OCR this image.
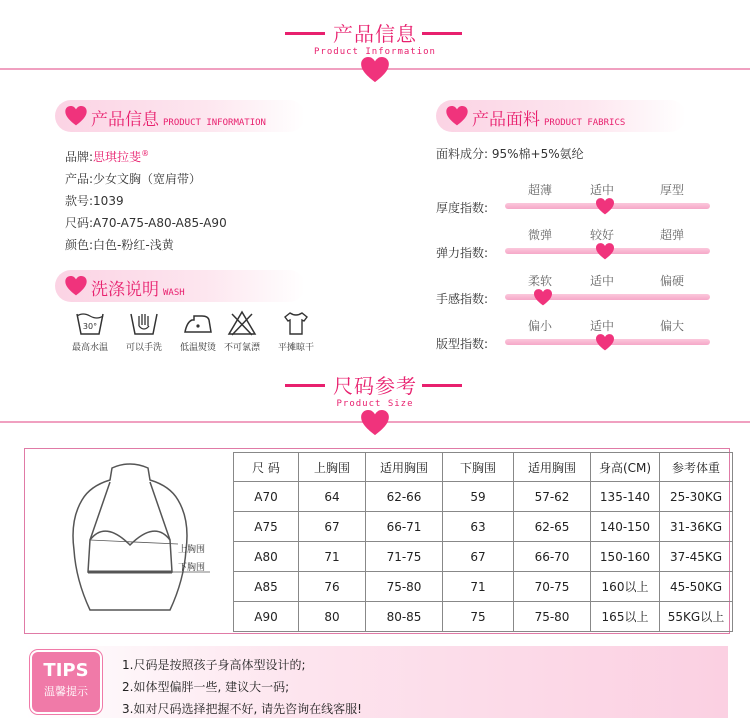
产品信息
Product Information
产品信息 PRODUCT INFORMATION
品牌:思琪拉斐®
产品:少女文胸（宽肩带）
款号:1039
尺码:A70-A75-A80-A85-A90
颜色:白色-粉红-浅黄
洗涤说明 WASH
30°
最高水温	可以手洗	低温熨烫 不可氯漂	平摊晾干
产品面料 PRODUCT FABRICS
面料成分: 95%棉+5%氨纶
厚度指数:
超薄	适中	厚型
弹力指数:
微弹	较好	超弹
手感指数:
柔软	适中	偏硬
版型指数:
偏小	适中	偏大
尺码参考
Product Size
上胸围
下胸围
尺 码	上胸围	适用胸围	下胸围	适用胸围	身高(CM)	参考体重
A70	64	62-66	59	57-62	135-140	25-30KG
A75	67	66-71	63	62-65	140-150	31-36KG
A80	71	71-75	67	66-70	150-160	37-45KG
A85	76	75-80	71	70-75	160以上	45-50KG
A90	80	80-85	75	75-80	165以上	55KG以上
TIPS
温馨提示
1.尺码是按照孩子身高体型设计的;
2.如体型偏胖一些, 建议大一码;
3.如对尺码选择把握不好, 请先咨询在线客服!
